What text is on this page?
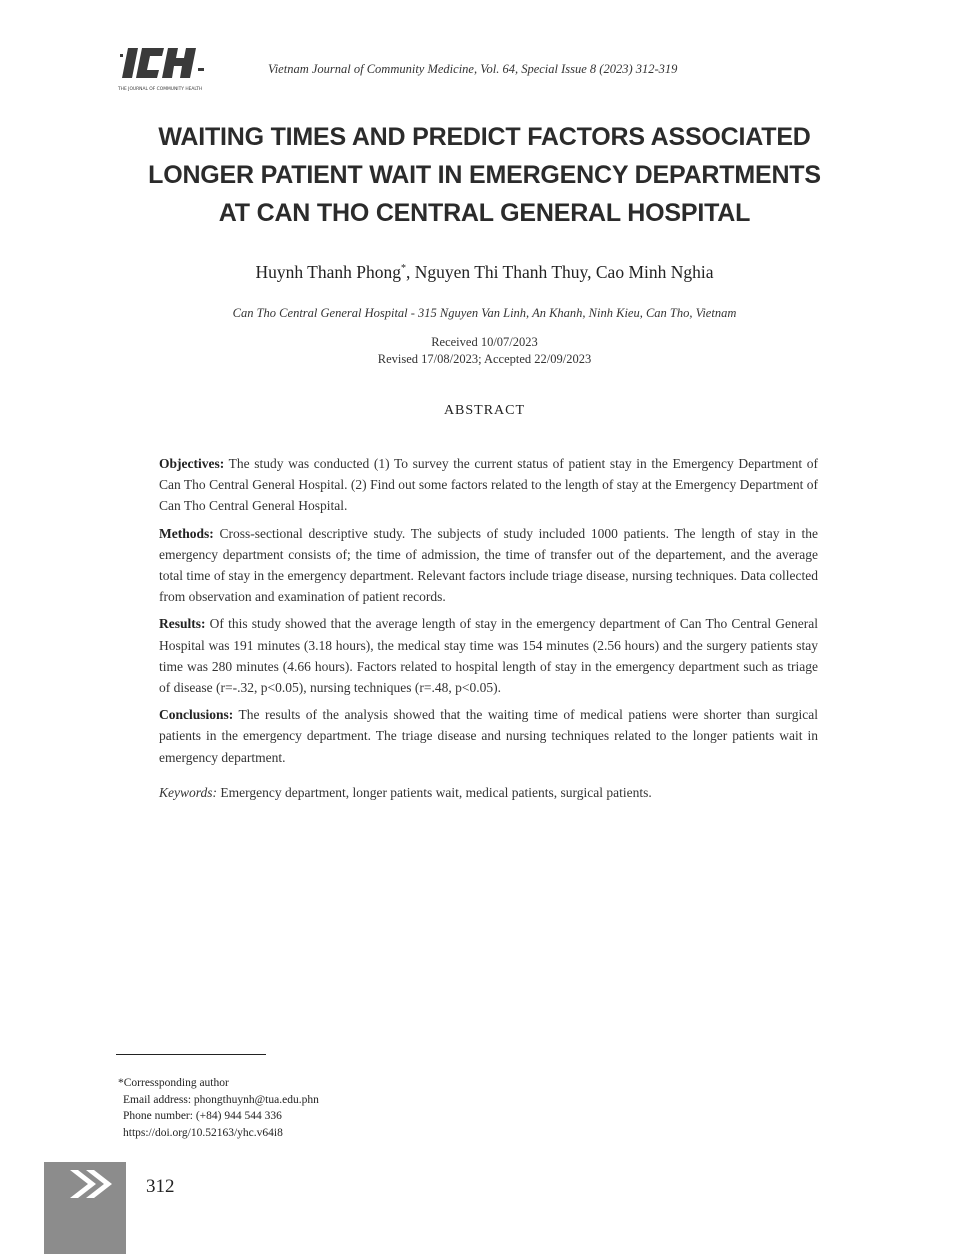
THE JOURNAL OF COMMUNITY HEALTH
Vietnam Journal of Community Medicine, Vol. 64, Special Issue 8 (2023) 312-319
WAITING TIMES AND PREDICT FACTORS ASSOCIATED
LONGER PATIENT WAIT IN EMERGENCY DEPARTMENTS
AT CAN THO CENTRAL GENERAL HOSPITAL
Huynh Thanh Phong*, Nguyen Thi Thanh Thuy, Cao Minh Nghia
Can Tho Central General Hospital - 315 Nguyen Van Linh, An Khanh, Ninh Kieu, Can Tho, Vietnam
Received 10/07/2023
Revised 17/08/2023; Accepted 22/09/2023
ABSTRACT

Objectives: The study was conducted (1) To survey the current status of patient stay in the Emergency Department of Can Tho Central General Hospital. (2) Find out some factors related to the length of stay at the Emergency Department of Can Tho Central General Hospital.

Methods: Cross-sectional descriptive study. The subjects of study included 1000 patients. The length of stay in the emergency department consists of; the time of admission, the time of transfer out of the departement, and the average total time of stay in the emergency department. Relevant factors include triage disease, nursing techniques. Data collected from observation and examination of patient records.

Results: Of this study showed that the average length of stay in the emergency department of Can Tho Central General Hospital was 191 minutes (3.18 hours), the medical stay time was 154 minutes (2.56 hours) and the surgery patients stay time was 280 minutes (4.66 hours). Factors related to hospital length of stay in the emergency department such as triage of disease (r=-.32, p<0.05), nursing techniques (r=.48, p<0.05).

Conclusions: The results of the analysis showed that the waiting time of medical patiens were shorter than surgical patients in the emergency department. The triage disease and nursing techniques related to the longer patients wait in emergency department.

Keywords: Emergency department, longer patients wait, medical patients, surgical patients.

*Corressponding author
Email address: phongthuynh@tua.edu.phn
Phone number: (+84) 944 544 336
https://doi.org/10.52163/yhc.v64i8
312
